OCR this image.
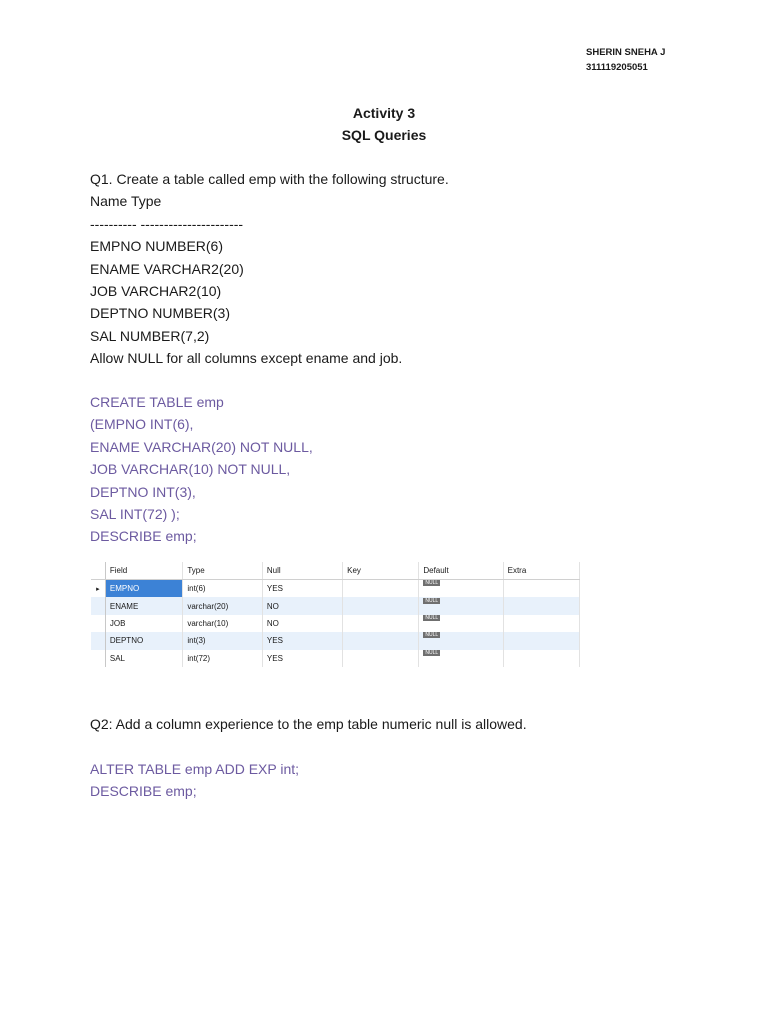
SHERIN SNEHA J
311119205051
Activity 3
SQL Queries
Q1. Create a table called emp with the following structure.
Name Type
---------- ----------------------
EMPNO NUMBER(6)
ENAME VARCHAR2(20)
JOB VARCHAR2(10)
DEPTNO NUMBER(3)
SAL NUMBER(7,2)
Allow NULL for all columns except ename and job.
CREATE TABLE emp
(EMPNO INT(6),
ENAME VARCHAR(20) NOT NULL,
JOB VARCHAR(10) NOT NULL,
DEPTNO INT(3),
SAL INT(72) );
DESCRIBE emp;
	Field	Type	Null	Key	Default	Extra
▸	EMPNO	int(6)	YES		NULL	
	ENAME	varchar(20)	NO		NULL	
	JOB	varchar(10)	NO		NULL	
	DEPTNO	int(3)	YES		NULL	
	SAL	int(72)	YES		NULL	
Q2: Add a column experience to the emp table numeric null is allowed.
ALTER TABLE emp ADD EXP int;
DESCRIBE emp;
